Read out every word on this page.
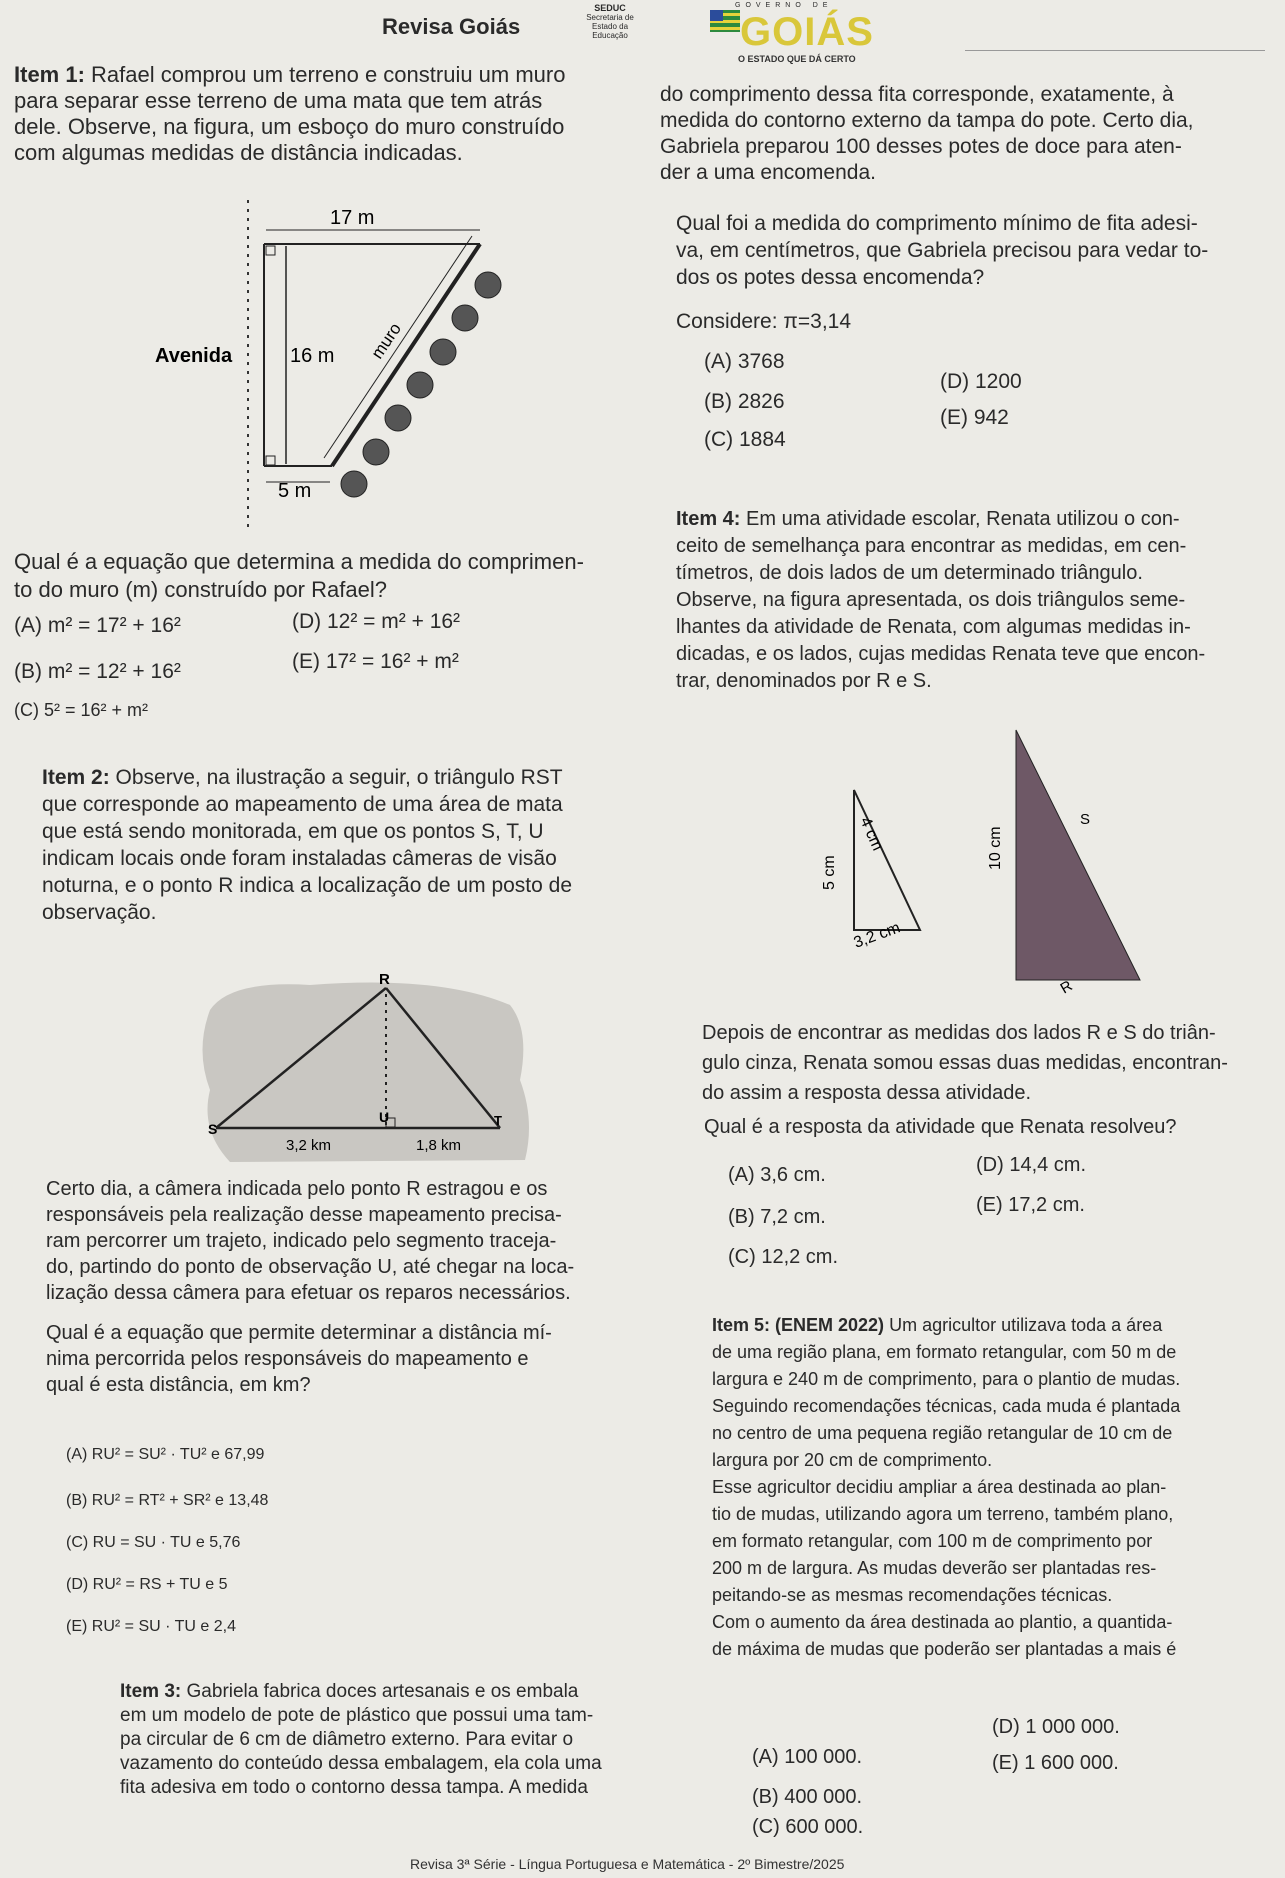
Revisa Goiás
SEDUC
Secretaria de Estado da Educação
GOVERNO DE
GOIÁS
O ESTADO QUE DÁ CERTO

Item 1: Rafael comprou um terreno e construiu um muro

para separar esse terreno de uma mata que tem atrás

dele. Observe, na figura, um esboço do muro construído

com algumas medidas de distância indicadas.

17 m
16 m
5 m
Avenida	muro

Qual é a equação que determina a medida do comprimen-

to do muro (m) construído por Rafael?

(A) m² = 17² + 16²
(B) m² = 12² + 16²
(C) 5² = 16² + m²
(D) 12² = m² + 16²
(E) 17² = 16² + m²

Item 2: Observe, na ilustração a seguir, o triângulo RST

que corresponde ao mapeamento de uma área de mata

que está sendo monitorada, em que os pontos S, T, U

indicam locais onde foram instaladas câmeras de visão

noturna, e o ponto R indica a localização de um posto de

observação.

R
S
T
U
3,2 km	1,8 km

Certo dia, a câmera indicada pelo ponto R estragou e os

responsáveis pela realização desse mapeamento precisa-

ram percorrer um trajeto, indicado pelo segmento traceja-

do, partindo do ponto de observação U, até chegar na loca-

lização dessa câmera para efetuar os reparos necessários.

Qual é a equação que permite determinar a distância mí-

nima percorrida pelos responsáveis do mapeamento e

qual é esta distância, em km?

(A) RU² = SU² · TU² e 67,99
(B) RU² = RT² + SR² e 13,48
(C) RU = SU · TU e 5,76
(D) RU² = RS + TU e 5
(E) RU² = SU · TU e 2,4

Item 3: Gabriela fabrica doces artesanais e os embala

em um modelo de pote de plástico que possui uma tam-

pa circular de 6 cm de diâmetro externo. Para evitar o

vazamento do conteúdo dessa embalagem, ela cola uma

fita adesiva em todo o contorno dessa tampa. A medida

do comprimento dessa fita corresponde, exatamente, à

medida do contorno externo da tampa do pote. Certo dia,

Gabriela preparou 100 desses potes de doce para aten-

der a uma encomenda.

Qual foi a medida do comprimento mínimo de fita adesi-

va, em centímetros, que Gabriela precisou para vedar to-

dos os potes dessa encomenda?

Considere: π=3,14
(A) 3768
(B) 2826
(C) 1884
(D) 1200
(E) 942

Item 4: Em uma atividade escolar, Renata utilizou o con-

ceito de semelhança para encontrar as medidas, em cen-

tímetros, de dois lados de um determinado triângulo.

Observe, na figura apresentada, os dois triângulos seme-

lhantes da atividade de Renata, com algumas medidas in-

dicadas, e os lados, cujas medidas Renata teve que encon-

trar, denominados por R e S.

4 cm
5 cm
3,2 cm
10 cm
S
R

Depois de encontrar as medidas dos lados R e S do triân-

gulo cinza, Renata somou essas duas medidas, encontran-

do assim a resposta dessa atividade.

Qual é a resposta da atividade que Renata resolveu?
(A) 3,6 cm.
(B) 7,2 cm.
(C) 12,2 cm.
(D) 14,4 cm.
(E) 17,2 cm.

Item 5: (ENEM 2022) Um agricultor utilizava toda a área

de uma região plana, em formato retangular, com 50 m de

largura e 240 m de comprimento, para o plantio de mudas.

Seguindo recomendações técnicas, cada muda é plantada

no centro de uma pequena região retangular de 10 cm de

largura por 20 cm de comprimento.

Esse agricultor decidiu ampliar a área destinada ao plan-

tio de mudas, utilizando agora um terreno, também plano,

em formato retangular, com 100 m de comprimento por

200 m de largura. As mudas deverão ser plantadas res-

peitando-se as mesmas recomendações técnicas.

Com o aumento da área destinada ao plantio, a quantida-

de máxima de mudas que poderão ser plantadas a mais é

(A) 100 000.
(B) 400 000.
(C) 600 000.
(D) 1 000 000.
(E) 1 600 000.
Revisa 3ª Série - Língua Portuguesa e Matemática - 2º Bimestre/2025
